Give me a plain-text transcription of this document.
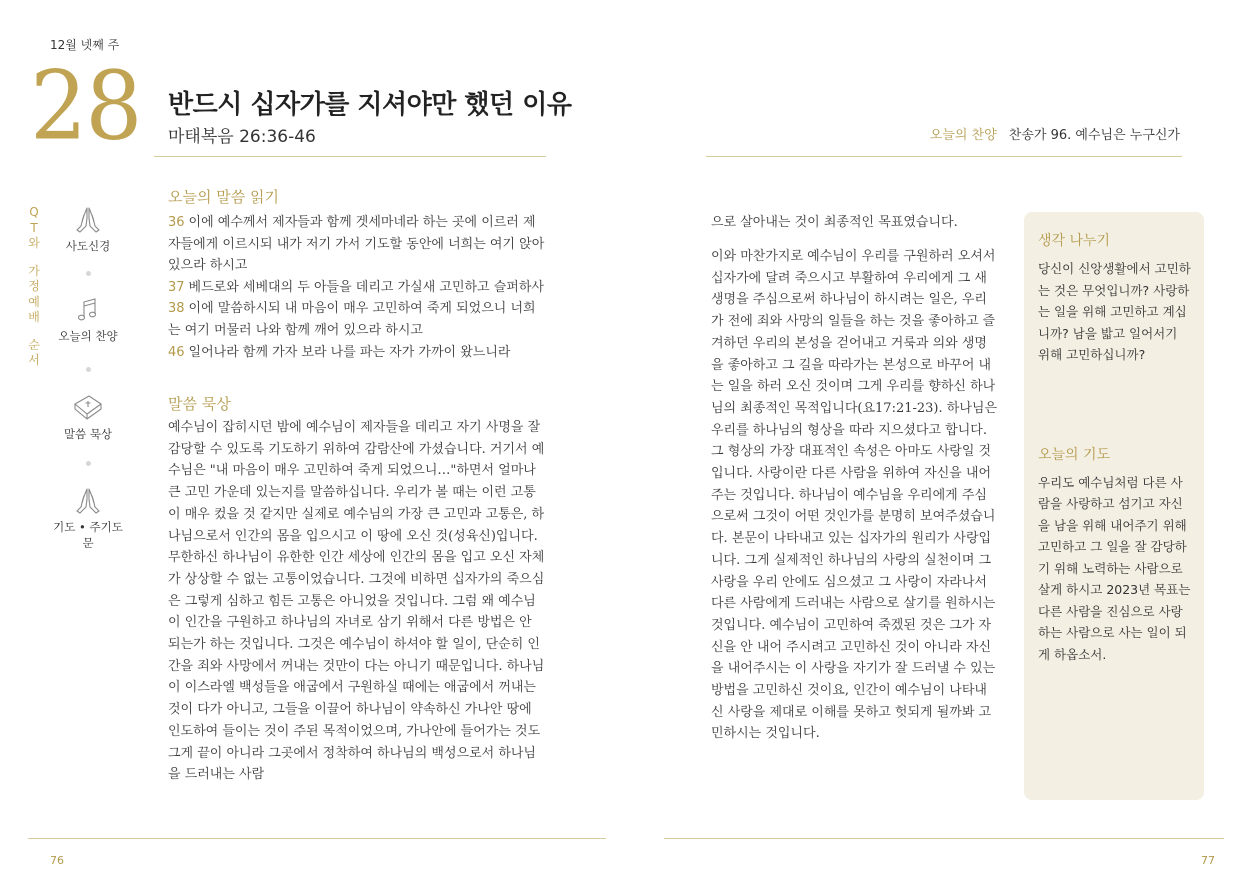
12월 넷째 주
28 반드시 십자가를 지셔야만 했던 이유
마태복음 26:36-46	오늘의 찬양 찬송가 96. 예수님은 누구신가
Q
T
와
가
정
예
배
순
서
사도신경
오늘의 찬양
말씀 묵상
기도 • 주기도문
오늘의 말씀 읽기
36 이에 예수께서 제자들과 함께 겟세마네라 하는 곳에 이르러 제자들에게 이르시되 내가 저기 가서 기도할 동안에 너희는 여기 앉아 있으라 하시고
37 베드로와 세베대의 두 아들을 데리고 가실새 고민하고 슬퍼하사
38 이에 말씀하시되 내 마음이 매우 고민하여 죽게 되었으니 너희는 여기 머물러 나와 함께 깨어 있으라 하시고
46 일어나라 함께 가자 보라 나를 파는 자가 가까이 왔느니라
말씀 묵상
예수님이 잡히시던 밤에 예수님이 제자들을 데리고 자기 사명을 잘 감당할 수 있도록 기도하기 위하여 감람산에 가셨습니다. 거기서 예수님은 "내 마음이 매우 고민하여 죽게 되었으니…"하면서 얼마나 큰 고민 가운데 있는지를 말씀하십니다. 우리가 볼 때는 이런 고통이 매우 컸을 것 같지만 실제로 예수님의 가장 큰 고민과 고통은, 하나님으로서 인간의 몸을 입으시고 이 땅에 오신 것(성육신)입니다. 무한하신 하나님이 유한한 인간 세상에 인간의 몸을 입고 오신 자체가 상상할 수 없는 고통이었습니다. 그것에 비하면 십자가의 죽으심은 그렇게 심하고 힘든 고통은 아니었을 것입니다. 그럼 왜 예수님이 인간을 구원하고 하나님의 자녀로 삼기 위해서 다른 방법은 안 되는가 하는 것입니다. 그것은 예수님이 하셔야 할 일이, 단순히 인간을 죄와 사망에서 꺼내는 것만이 다는 아니기 때문입니다. 하나님이 이스라엘 백성들을 애굽에서 구원하실 때에는 애굽에서 꺼내는 것이 다가 아니고, 그들을 이끌어 하나님이 약속하신 가나안 땅에 인도하여 들이는 것이 주된 목적이었으며, 가나안에 들어가는 것도 그게 끝이 아니라 그곳에서 정착하여 하나님의 백성으로서 하나님을 드러내는 사람
으로 살아내는 것이 최종적인 목표였습니다.
이와 마찬가지로 예수님이 우리를 구원하러 오셔서 십자가에 달려 죽으시고 부활하여 우리에게 그 새 생명을 주심으로써 하나님이 하시려는 일은, 우리가 전에 죄와 사망의 일들을 하는 것을 좋아하고 즐겨하던 우리의 본성을 걷어내고 거룩과 의와 생명을 좋아하고 그 길을 따라가는 본성으로 바꾸어 내는 일을 하러 오신 것이며 그게 우리를 향하신 하나님의 최종적인 목적입니다(요17:21-23). 하나님은 우리를 하나님의 형상을 따라 지으셨다고 합니다. 그 형상의 가장 대표적인 속성은 아마도 사랑일 것입니다. 사랑이란 다른 사람을 위하여 자신을 내어주는 것입니다. 하나님이 예수님을 우리에게 주심으로써 그것이 어떤 것인가를 분명히 보여주셨습니다. 본문이 나타내고 있는 십자가의 원리가 사랑입니다. 그게 실제적인 하나님의 사랑의 실천이며 그 사랑을 우리 안에도 심으셨고 그 사랑이 자라나서 다른 사람에게 드러내는 사람으로 살기를 원하시는 것입니다. 예수님이 고민하여 죽겠된 것은 그가 자신을 안 내어 주시려고 고민하신 것이 아니라 자신을 내어주시는 이 사랑을 자기가 잘 드러낼 수 있는 방법을 고민하신 것이요, 인간이 예수님이 나타내신 사랑을 제대로 이해를 못하고 헛되게 될까봐 고민하시는 것입니다.
생각 나누기
당신이 신앙생활에서 고민하는 것은 무엇입니까? 사랑하는 일을 위해 고민하고 계십니까? 남을 밟고 일어서기 위해 고민하십니까?
오늘의 기도
우리도 예수님처럼 다른 사람을 사랑하고 섬기고 자신을 남을 위해 내어주기 위해 고민하고 그 일을 잘 감당하기 위해 노력하는 사람으로 살게 하시고 2023년 목표는 다른 사람을 진심으로 사랑하는 사람으로 사는 일이 되게 하옵소서.
76	77
